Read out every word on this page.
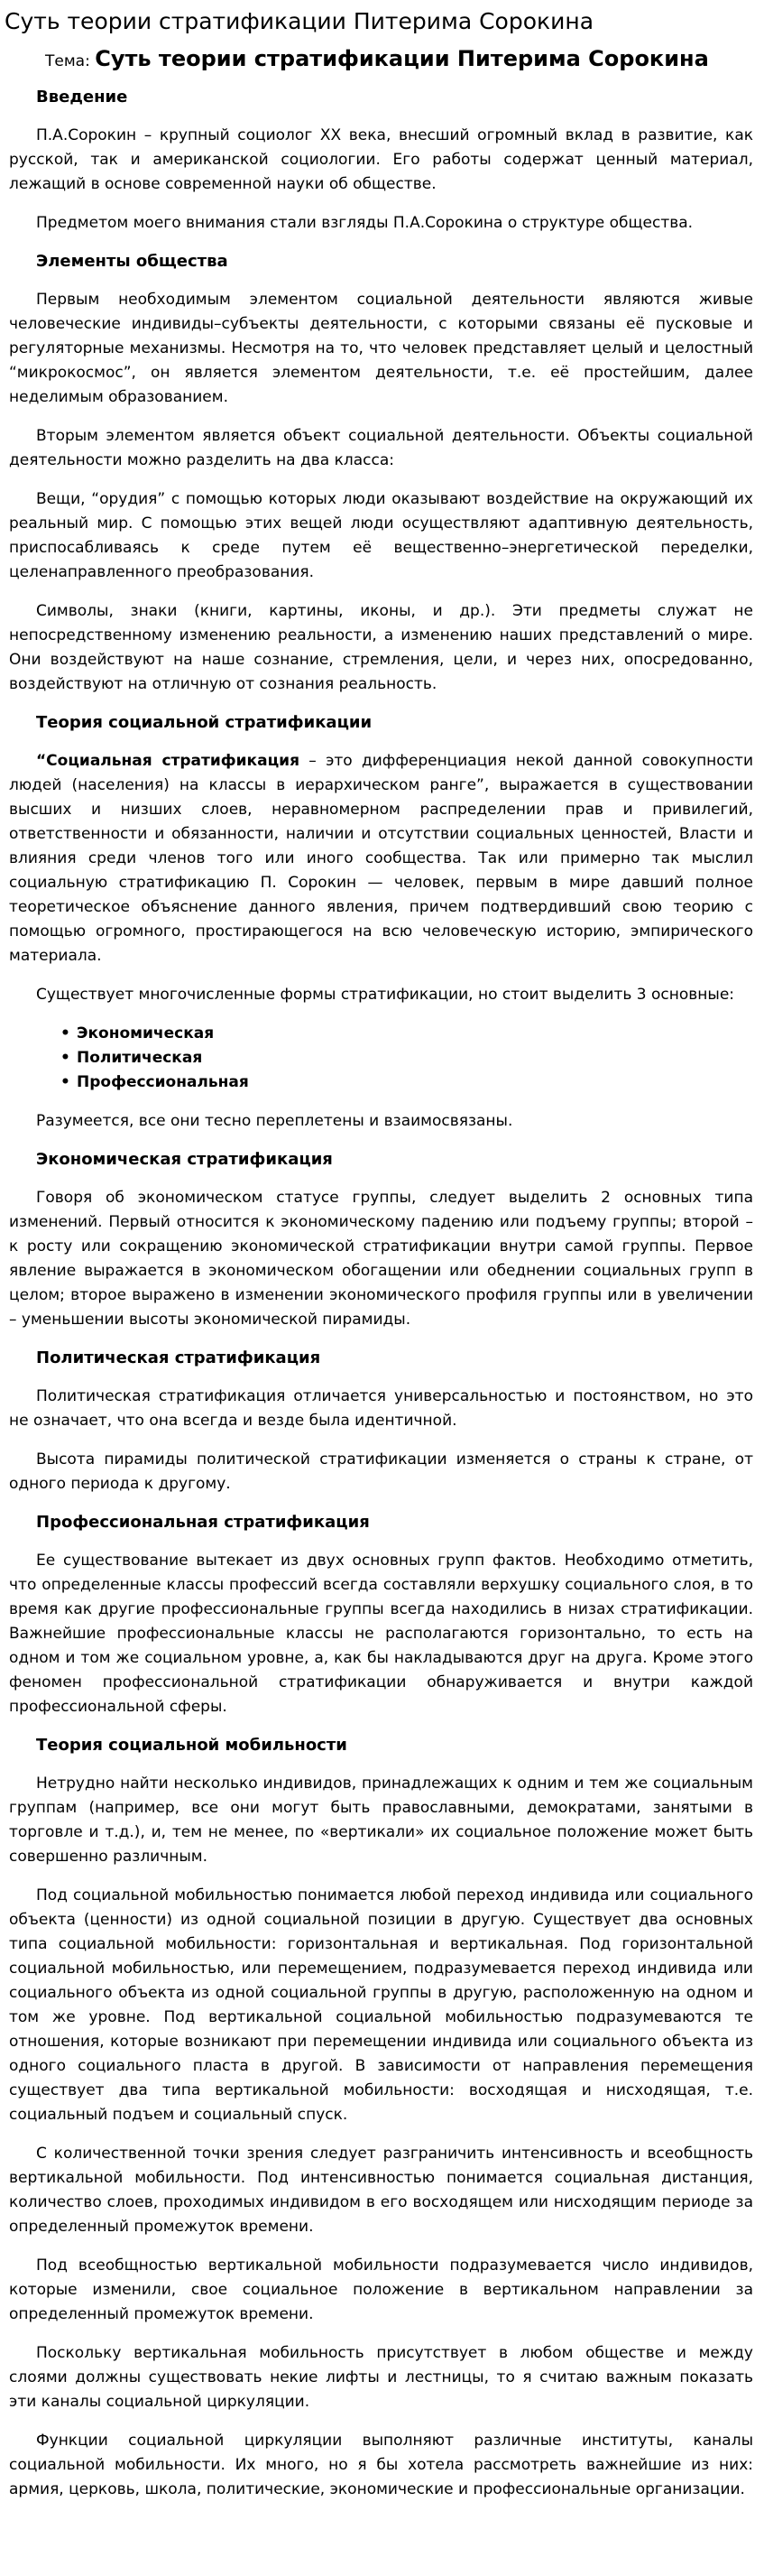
Суть теории стратификации Питерима Сорокина
Тема: Суть теории стратификации Питерима Сорокина
Введение

П.А.Сорокин – крупный социолог XX века, внесший огромный вклад в развитие, как русской, так и американской социологии. Его работы содержат ценный материал, лежащий в основе современной науки об обществе.

Предметом моего внимания стали взгляды П.А.Сорокина о структуре общества.

Элементы общества

Первым необходимым элементом социальной деятельности являются живые человеческие индивиды–субъекты деятельности, с которыми связаны её пусковые и регуляторные механизмы. Несмотря на то, что человек представляет целый и целостный “микрокосмос”, он является элементом деятельности, т.е. её простейшим, далее неделимым образованием.

Вторым элементом является объект социальной деятельности. Объекты социальной деятельности можно разделить на два класса:

Вещи, “орудия” с помощью которых люди оказывают воздействие на окружающий их реальный мир. С помощью этих вещей люди осуществляют адаптивную деятельность, приспосабливаясь к среде путем её вещественно–энергетической переделки, целенаправленного преобразования.

Символы, знаки (книги, картины, иконы, и др.). Эти предметы служат не непосредственному изменению реальности, а изменению наших представлений о мире. Они воздействуют на наше сознание, стремления, цели, и через них, опосредованно, воздействуют на отличную от сознания реальность.

Теория социальной стратификации

“Социальная стратификация – это дифференциация некой данной совокупности людей (населения) на классы в иерархическом ранге”, выражается в существовании высших и низших слоев, неравномерном распределении прав и привилегий, ответственности и обязанности, наличии и отсутствии социальных ценностей, Власти и влияния среди членов того или иного сообщества. Так или примерно так мыслил социальную стратификацию П. Сорокин — человек, первым в мире давший полное теоретическое объяснение данного явления, причем подтвердивший свою теорию с помощью огромного, простирающегося на всю человеческую историю, эмпирического материала.

Существует многочисленные формы стратификации, но стоит выделить 3 основные:

• Экономическая
• Политическая
• Профессиональная

Разумеется, все они тесно переплетены и взаимосвязаны.

Экономическая стратификация

Говоря об экономическом статусе группы, следует выделить 2 основных типа изменений. Первый относится к экономическому падению или подъему группы; второй – к росту или сокращению экономической стратификации внутри самой группы. Первое явление выражается в экономическом обогащении или обеднении социальных групп в целом; второе выражено в изменении экономического профиля группы или в увеличении – уменьшении высоты экономической пирамиды.

Политическая стратификация

Политическая стратификация отличается универсальностью и постоянством, но это не означает, что она всегда и везде была идентичной.

Высота пирамиды политической стратификации изменяется о страны к стране, от одного периода к другому.

Профессиональная стратификация

Ее существование вытекает из двух основных групп фактов. Необходимо отметить, что определенные классы профессий всегда составляли верхушку социального слоя, в то время как другие профессиональные группы всегда находились в низах стратификации. Важнейшие профессиональные классы не располагаются горизонтально, то есть на одном и том же социальном уровне, а, как бы накладываются друг на друга. Кроме этого феномен профессиональной стратификации обнаруживается и внутри каждой профессиональной сферы.

Теория социальной мобильности

Нетрудно найти несколько индивидов, принадлежащих к одним и тем же социальным группам (например, все они могут быть православными, демократами, занятыми в торговле и т.д.), и, тем не менее, по «вертикали» их социальное положение может быть совершенно различным.

Под социальной мобильностью понимается любой переход индивида или социального объекта (ценности) из одной социальной позиции в другую. Существует два основных типа социальной мобильности: горизонтальная и вертикальная. Под горизонтальной социальной мобильностью, или перемещением, подразумевается переход индивида или социального объекта из одной социальной группы в другую, расположенную на одном и том же уровне. Под вертикальной социальной мобильностью подразумеваются те отношения, которые возникают при перемещении индивида или социального объекта из одного социального пласта в другой. В зависимости от направления перемещения существует два типа вертикальной мобильности: восходящая и нисходящая, т.е. социальный подъем и социальный спуск.

С количественной точки зрения следует разграничить интенсивность и всеобщность вертикальной мобильности. Под интенсивностью понимается социальная дистанция, количество слоев, проходимых индивидом в его восходящем или нисходящим периоде за определенный промежуток времени.

Под всеобщностью вертикальной мобильности подразумевается число индивидов, которые изменили, свое социальное положение в вертикальном направлении за определенный промежуток времени.

Поскольку вертикальная мобильность присутствует в любом обществе и между слоями должны существовать некие лифты и лестницы, то я считаю важным показать эти каналы социальной циркуляции.

Функции социальной циркуляции выполняют различные институты, каналы социальной мобильности. Их много, но я бы хотела рассмотреть важнейшие из них: армия, церковь, школа, политические, экономические и профессиональные организации.
